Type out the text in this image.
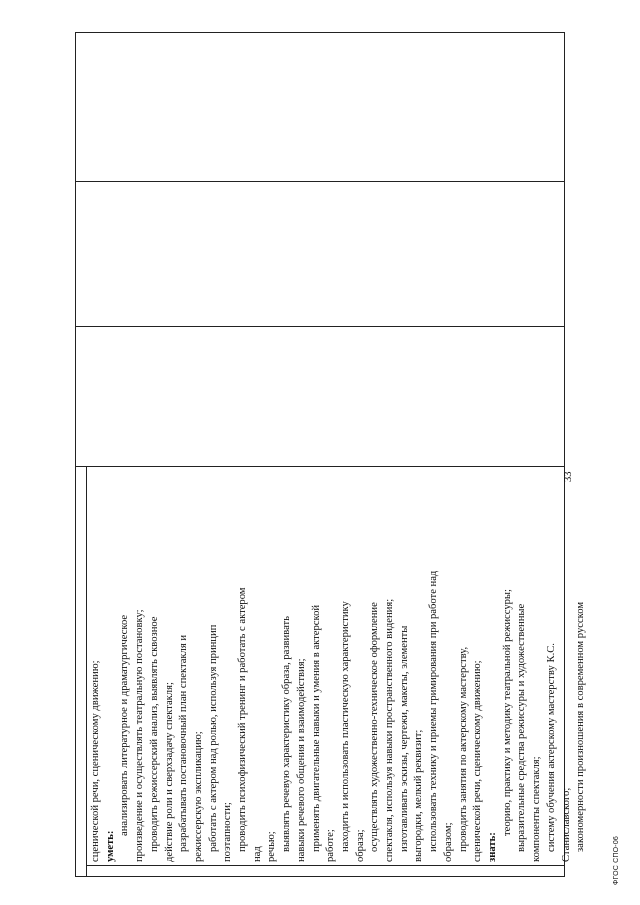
сценической речи, сценическому движению; уметь:
анализировать литературное и драматургическое произведение и осуществлять театральную постановку; проводить режиссерский анализ, выявлять сквозное действие роли и сверхзадачу спектакля; разрабатывать постановочный план спектакля и режиссерскую экспликацию; работать с актером над ролью, используя принцип поэтапности; проводить психофизический тренинг и работать с актером
над речью; выявлять речевую характеристику образа, развивать навыки речевого общения и взаимодействия; применять двигательные навыки и умения в актерской работе; находить и использовать пластическую характеристику образа; осуществлять художественно-техническое оформление спектакля, используя навыки пространственного видения; изготавливать эскизы, чертежи, макеты, элементы выгородки, мелкий реквизит; использовать технику и приемы гримирования при работе над образом; проводить занятия по актерскому мастерству, сценической речи, сценическому движению; знать:
теорию, практику и методику театральной режиссуры; выразительные средства режиссуры и художественные компоненты спектакля; систему обучения актерскому мастерству К.С. Станиславского; закономерности произношения в современном русском
33
ФГОС СПО-06
